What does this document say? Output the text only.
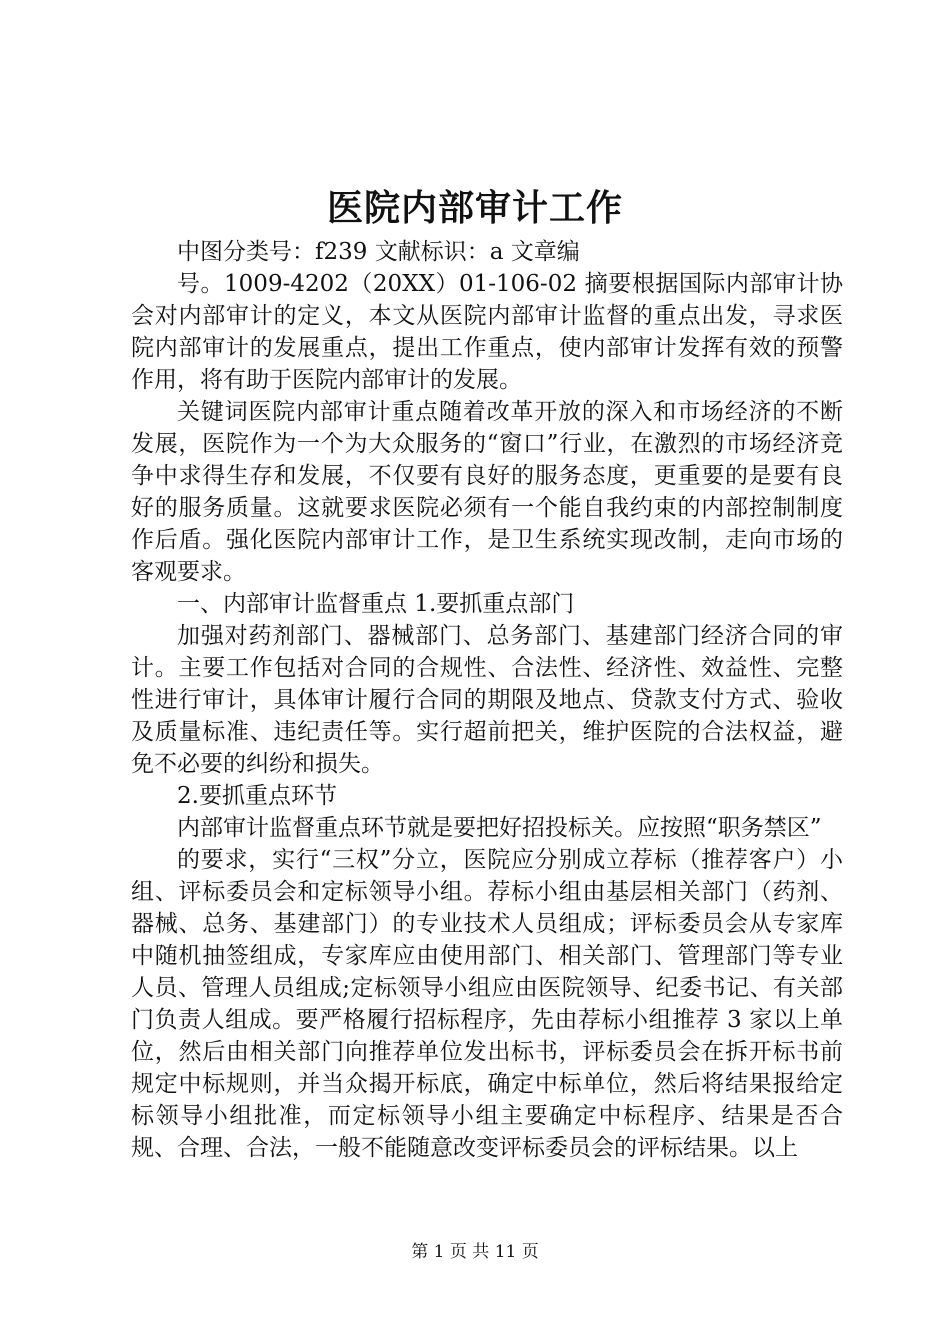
医院内部审计工作

中图分类号：f239 文献标识：a 文章编

号。1009-4202（20XX）01-106-02 摘要根据国际内部审计协会对内部审计的定义，本文从医院内部审计监督的重点出发，寻求医院内部审计的发展重点，提出工作重点，使内部审计发挥有效的预警作用，将有助于医院内部审计的发展。

关键词医院内部审计重点随着改革开放的深入和市场经济的不断发展，医院作为一个为大众服务的“窗口”行业，在激烈的市场经济竞争中求得生存和发展，不仅要有良好的服务态度，更重要的是要有良好的服务质量。这就要求医院必须有一个能自我约束的内部控制制度作后盾。强化医院内部审计工作，是卫生系统实现改制，走向市场的客观要求。

一、内部审计监督重点 1.要抓重点部门

加强对药剂部门、器械部门、总务部门、基建部门经济合同的审计。主要工作包括对合同的合规性、合法性、经济性、效益性、完整性进行审计，具体审计履行合同的期限及地点、贷款支付方式、验收及质量标准、违纪责任等。实行超前把关，维护医院的合法权益，避免不必要的纠纷和损失。

2.要抓重点环节

内部审计监督重点环节就是要把好招投标关。应按照“职务禁区”

的要求，实行“三权”分立，医院应分别成立荐标（推荐客户）小组、评标委员会和定标领导小组。荐标小组由基层相关部门（药剂、器械、总务、基建部门）的专业技术人员组成；评标委员会从专家库中随机抽签组成，专家库应由使用部门、相关部门、管理部门等专业人员、管理人员组成;定标领导小组应由医院领导、纪委书记、有关部门负责人组成。要严格履行招标程序，先由荐标小组推荐 3 家以上单位，然后由相关部门向推荐单位发出标书，评标委员会在拆开标书前规定中标规则，并当众揭开标底，确定中标单位，然后将结果报给定标领导小组批准，而定标领导小组主要确定中标程序、结果是否合规、合理、合法，一般不能随意改变评标委员会的评标结果。以上

第 1 页 共 11 页
